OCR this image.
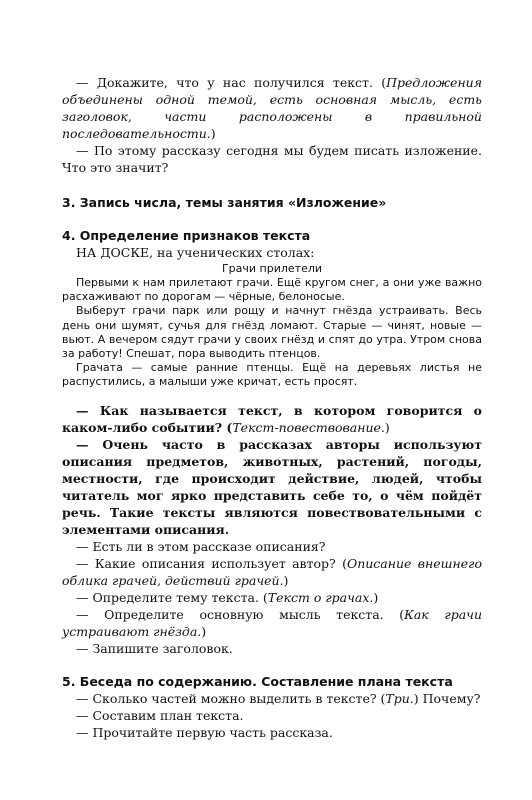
— Докажите, что у нас получился текст. (Предложения объединены одной темой, есть основная мысль, есть заголовок, части расположены в правильной последовательности.)

— По этому рассказу сегодня мы будем писать изложение. Что это значит?

3. Запись числа, темы занятия «Изложение»

4. Определение признаков текста

НА ДОСКЕ, на ученических столах:

Грачи прилетели

Первыми к нам прилетают грачи. Ещё кругом снег, а они уже важно расхаживают по дорогам — чёрные, белоносые.

Выберут грачи парк или рощу и начнут гнёзда устраивать. Весь день они шумят, сучья для гнёзд ломают. Старые — чинят, новые — вьют. А вечером сядут грачи у своих гнёзд и спят до утра. Утром снова за работу! Спешат, пора выводить птенцов.

Грачата — самые ранние птенцы. Ещё на деревьях листья не распустились, а малыши уже кричат, есть просят.

— Как называется текст, в котором говорится о каком-либо событии? (Текст-повествование.)

— Очень часто в рассказах авторы используют описания предметов, животных, растений, погоды, местности, где происходит действие, людей, чтобы читатель мог ярко представить себе то, о чём пойдёт речь. Такие тексты являются повествовательными с элементами описания.

— Есть ли в этом рассказе описания?

— Какие описания использует автор? (Описание внешнего облика грачей, действий грачей.)

— Определите тему текста. (Текст о грачах.)

— Определите основную мысль текста. (Как грачи устраивают гнёзда.)

— Запишите заголовок.

5. Беседа по содержанию. Составление плана текста

— Сколько частей можно выделить в тексте? (Три.) Почему?

— Составим план текста.

— Прочитайте первую часть рассказа.
